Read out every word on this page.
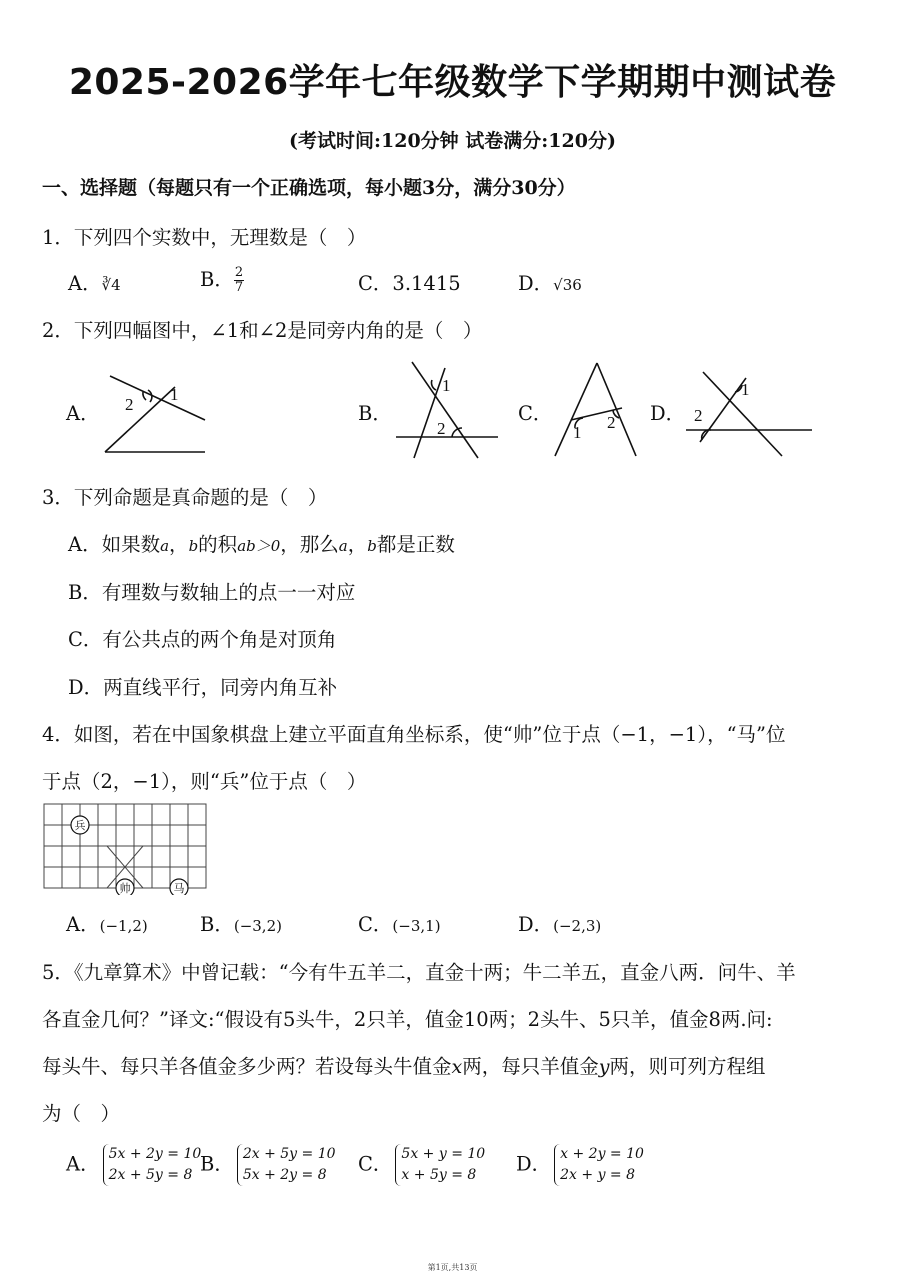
2025-2026学年七年级数学下学期期中测试卷
(考试时间:120分钟 试卷满分:120分)
一、选择题（每题只有一个正确选项，每小题3分，满分30分）
1．下列四个实数中，无理数是（　）
A．∛4	B． $\frac{2}{7}$	C．3.1415	D．√36
2．下列四幅图中，∠1和∠2是同旁内角的是（　）
A．	B．	C．	D．
2
1	1
2	1
2
1
2
3．下列命题是真命题的是（　）
A．如果数a，b的积ab＞0，那么a，b都是正数
B．有理数与数轴上的点一一对应
C．有公共点的两个角是对顶角
D．两直线平行，同旁内角互补
4．如图，若在中国象棋盘上建立平面直角坐标系，使“帅”位于点（−1，−1），“马”位
于点（2，−1），则“兵”位于点（　）
兵
帅	马
A．(−1,2)	B．(−3,2)	C．(−3,1)	D．(−2,3)
5．《九章算术》中曾记载：“今有牛五羊二，直金十两；牛二羊五，直金八两．问牛、羊
各直金几何？”译文:“假设有5头牛，2只羊，值金10两；2头牛、5只羊，值金8两.问:
每头牛、每只羊各值金多少两？若设每头牛值金x两，每只羊值金y两，则可列方程组
为（　）
A． 5x + 2y = 10
2x + 5y = 8 B． 2x + 5y = 10
5x + 2y = 8	C． 5x + y = 10
x + 5y = 8	D． x + 2y = 10
2x + y = 8
第1页,共13页
